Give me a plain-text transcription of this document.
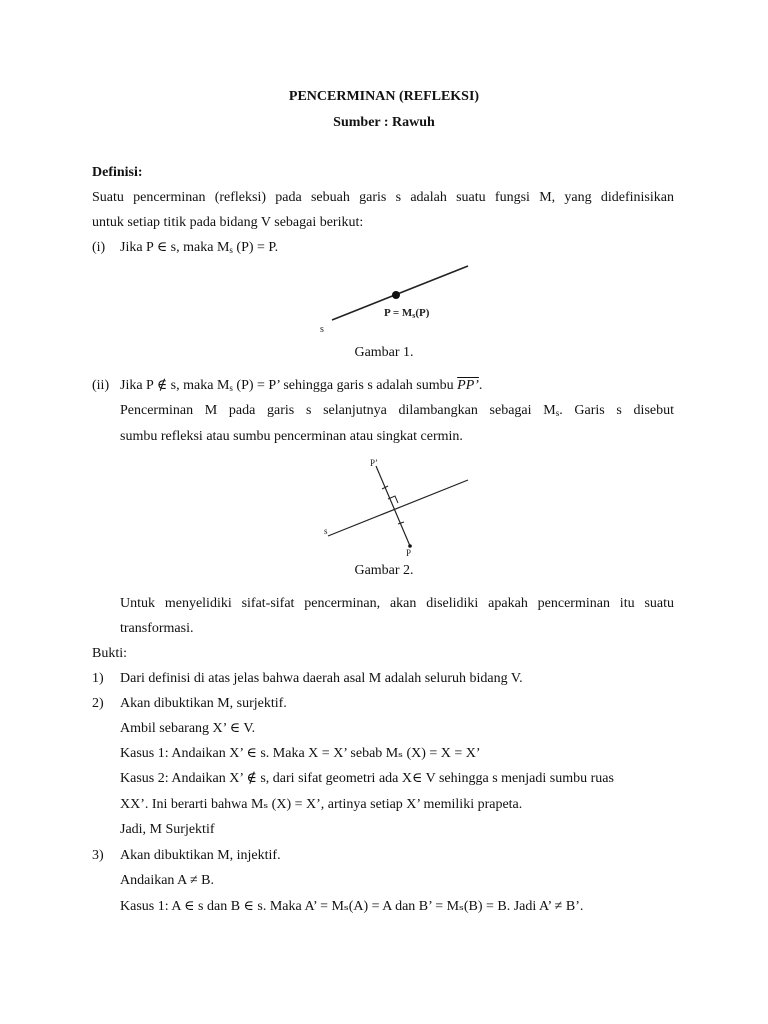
PENCERMINAN (REFLEKSI)
Sumber : Rawuh
Definisi:
Suatu pencerminan (refleksi) pada sebuah garis s adalah suatu fungsi M, yang didefinisikan
untuk setiap titik pada bidang V sebagai berikut:
(i) Jika P ∈ s, maka $M_s$ (P) = P.
s
P = Ms(P)
Gambar 1.
(ii) Jika P ∉ s, maka $M_s$ (P) = P’ sehingga garis s adalah sumbu PP’.
Pencerminan M pada garis s selanjutnya dilambangkan sebagai $M_s$. Garis s disebut
sumbu refleksi atau sumbu pencerminan atau singkat cermin.
P’
s
P
Gambar 2.
Untuk menyelidiki sifat-sifat pencerminan, akan diselidiki apakah pencerminan itu suatu
transformasi.
Bukti:
1) Dari definisi di atas jelas bahwa daerah asal M adalah seluruh bidang V.
2) Akan dibuktikan M, surjektif.
Ambil sebarang X’ ∈ V.
Kasus 1: Andaikan X’ ∈ s. Maka X = X’ sebab Mₛ (X) = X = X’
Kasus 2: Andaikan X’ ∉ s, dari sifat geometri ada X∈ V sehingga s menjadi sumbu ruas
XX’. Ini berarti bahwa Mₛ (X) = X’, artinya setiap X’ memiliki prapeta.
Jadi, M Surjektif
3) Akan dibuktikan M, injektif.
Andaikan A ≠ B.
Kasus 1: A ∈ s dan B ∈ s. Maka A’ = Mₛ(A) = A dan B’ = Mₛ(B) = B. Jadi A’ ≠ B’.
